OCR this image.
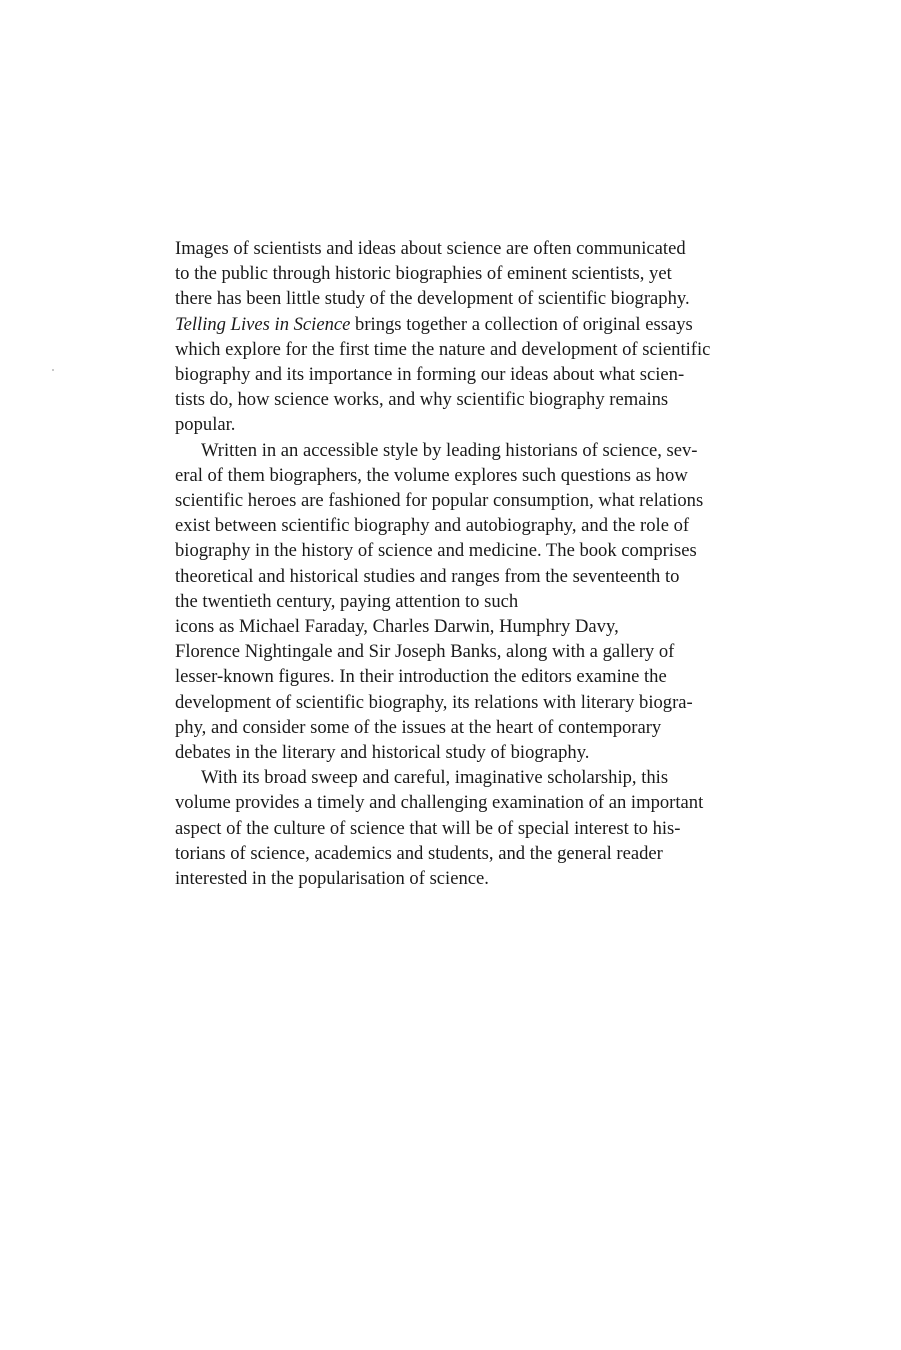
Images of scientists and ideas about science are often communicated
to the public through historic biographies of eminent scientists, yet
there has been little study of the development of scientific biography.
Telling Lives in Science brings together a collection of original essays
which explore for the first time the nature and development of scientific
biography and its importance in forming our ideas about what scien-
tists do, how science works, and why scientific biography remains
popular.
Written in an accessible style by leading historians of science, sev-
eral of them biographers, the volume explores such questions as how
scientific heroes are fashioned for popular consumption, what relations
exist between scientific biography and autobiography, and the role of
biography in the history of science and medicine. The book comprises
theoretical and historical studies and ranges from the seventeenth to
the twentieth century, paying attention to such
icons as Michael Faraday, Charles Darwin, Humphry Davy,
Florence Nightingale and Sir Joseph Banks, along with a gallery of
lesser-known figures. In their introduction the editors examine the
development of scientific biography, its relations with literary biogra-
phy, and consider some of the issues at the heart of contemporary
debates in the literary and historical study of biography.
With its broad sweep and careful, imaginative scholarship, this
volume provides a timely and challenging examination of an important
aspect of the culture of science that will be of special interest to his-
torians of science, academics and students, and the general reader
interested in the popularisation of science.
